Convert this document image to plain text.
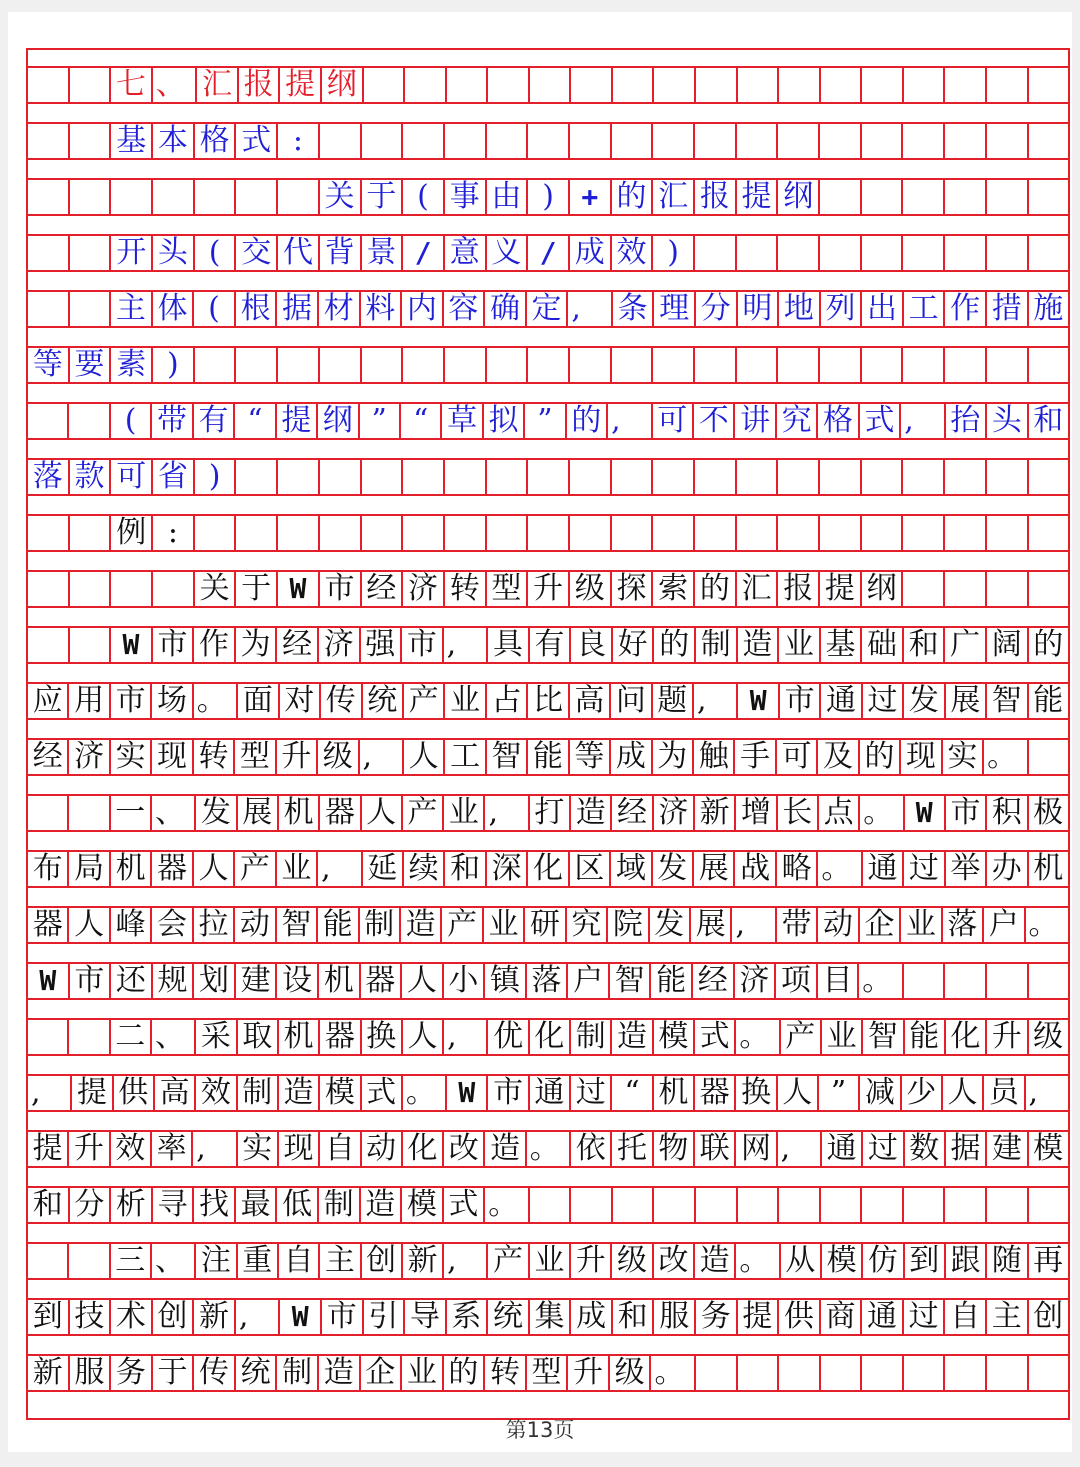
七 、 汇 报 提 纲
基 本 格 式 :
关 于 ( 事 由 ) + 的 汇 报 提 纲
开 头 ( 交 代 背 景 / 意 义 / 成 效 )
主 体 ( 根 据 材 料 内 容 确 定 ,	条 理 分 明 地 列 出 工 作 措 施
等 要 素 )
( 带 有 “ 提 纲 ” “ 草 拟 ” 的 ,	可 不 讲 究 格 式 ,	抬 头 和
落 款 可 省 )
例 :
关 于 W 市 经 济 转 型 升 级 探 索 的 汇 报 提 纲
W 市 作 为 经 济 强 市 ,	具 有 良 好 的 制 造 业 基 础 和 广 阔 的
应 用 市 场 。 面 对 传 统 产 业 占 比 高 问 题 ,	W 市 通 过 发 展 智 能
经 济 实 现 转 型 升 级 ,	人 工 智 能 等 成 为 触 手 可 及 的 现 实 。
一 、 发 展 机 器 人 产 业 ,	打 造 经 济 新 增 长 点 。 W 市 积 极
布 局 机 器 人 产 业 ,	延 续 和 深 化 区 域 发 展 战 略 。 通 过 举 办 机
器 人 峰 会 拉 动 智 能 制 造 产 业 研 究 院 发 展 ,	带 动 企 业 落 户 。
W 市 还 规 划 建 设 机 器 人 小 镇 落 户 智 能 经 济 项 目 。
二 、 采 取 机 器 换 人 ,	优 化 制 造 模 式 。 产 业 智 能 化 升 级
,	提 供 高 效 制 造 模 式 。 W 市 通 过 “ 机 器 换 人 ” 减 少 人 员 ,
提 升 效 率 ,	实 现 自 动 化 改 造 。 依 托 物 联 网 ,	通 过 数 据 建 模
和 分 析 寻 找 最 低 制 造 模 式 。
三 、 注 重 自 主 创 新 ,	产 业 升 级 改 造 。 从 模 仿 到 跟 随 再
到 技 术 创 新 ,	W 市 引 导 系 统 集 成 和 服 务 提 供 商 通 过 自 主 创
新 服 务 于 传 统 制 造 企 业 的 转 型 升 级 。
第13页
